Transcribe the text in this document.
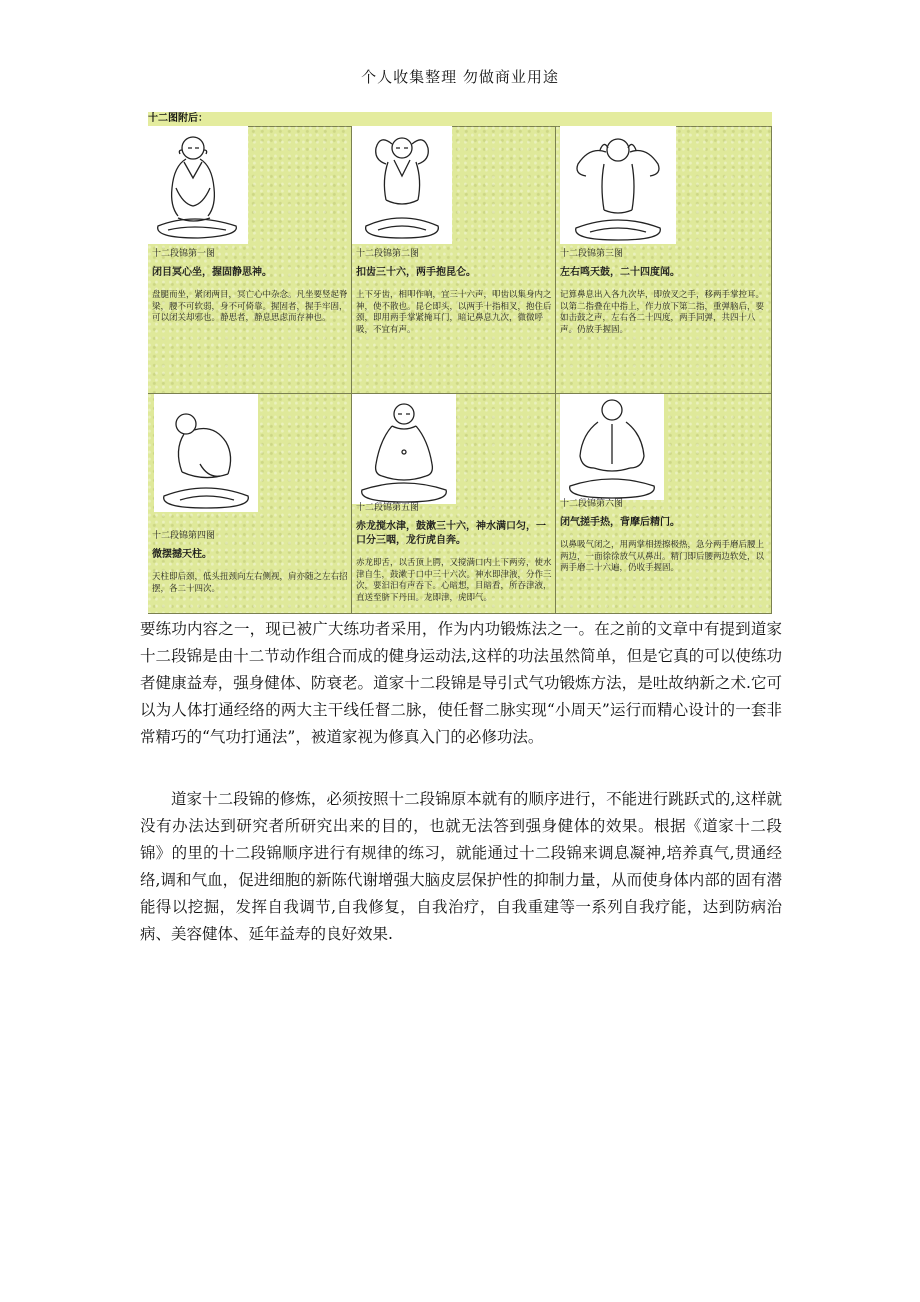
个人收集整理 勿做商业用途
十二图附后：
十二段锦第一图
闭目冥心坐，握固静思神。
盘腿而坐，紧闭两目，冥亡心中杂念。凡坐要竖起脊梁，腰不可软弱，身不可倚靠。握固者，握手牢固，可以闭关却邪也。静思者，静息思虑而存神也。
十二段锦第二图
扣齿三十六，两手抱昆仑。
上下牙齿，相叩作响，宜三十六声，叩齿以集身内之神，使不散也。昆仑即头，以两手十指相叉，抱住后颈，即用两手掌紧掩耳门，暗记鼻息九次，微微呼吸，不宜有声。
十二段锦第三图
左右鸣天鼓，二十四度闻。
记算鼻息出入各九次毕，即放叉之手，移两手掌控耳。以第二指叠在中指上，作力放下第二指，重弹脑后，要如击鼓之声，左右各二十四度，两手同弹，共四十八声。仍放手握固。
十二段锦第四图
微摆撼天柱。
天柱即后颈，低头扭颈向左右侧视，肩亦随之左右招摆，各二十四次。
十二段锦第五图
赤龙搅水津，鼓漱三十六，神水满口匀，一口分三咽，龙行虎自奔。
赤龙即舌，以舌顶上腭，又搅满口内上下两旁，使水津自生，鼓漱于口中三十六次。神水即津液，分作三次，要汩汩有声吞下。心暗想，目暗看，所吞津液，直送至脐下丹田。龙即津，虎即气。
十二段锦第六图
闭气搓手热，背摩后精门。
以鼻吸气闭之，用两掌相搓擦极热，急分两手磨后腰上两边，一面徐徐放气从鼻出。精门即后腰两边软处，以两手磨二十六遍，仍收手握固。

要练功内容之一，现已被广大练功者采用，作为内功锻炼法之一。在之前的文章中有提到道家十二段锦是由十二节动作组合而成的健身运动法,这样的功法虽然简单，但是它真的可以使练功者健康益寿，强身健体、防衰老。道家十二段锦是导引式气功锻炼方法，是吐故纳新之术.它可以为人体打通经络的两大主干线任督二脉，使任督二脉实现“小周天”运行而精心设计的一套非常精巧的“气功打通法”，被道家视为修真入门的必修功法。

道家十二段锦的修炼，必须按照十二段锦原本就有的顺序进行，不能进行跳跃式的,这样就没有办法达到研究者所研究出来的目的，也就无法答到强身健体的效果。根据《道家十二段锦》的里的十二段锦顺序进行有规律的练习，就能通过十二段锦来调息凝神,培养真气,贯通经络,调和气血，促进细胞的新陈代谢增强大脑皮层保护性的抑制力量，从而使身体内部的固有潜能得以挖掘，发挥自我调节,自我修复，自我治疗，自我重建等一系列自我疗能，达到防病治病、美容健体、延年益寿的良好效果.
